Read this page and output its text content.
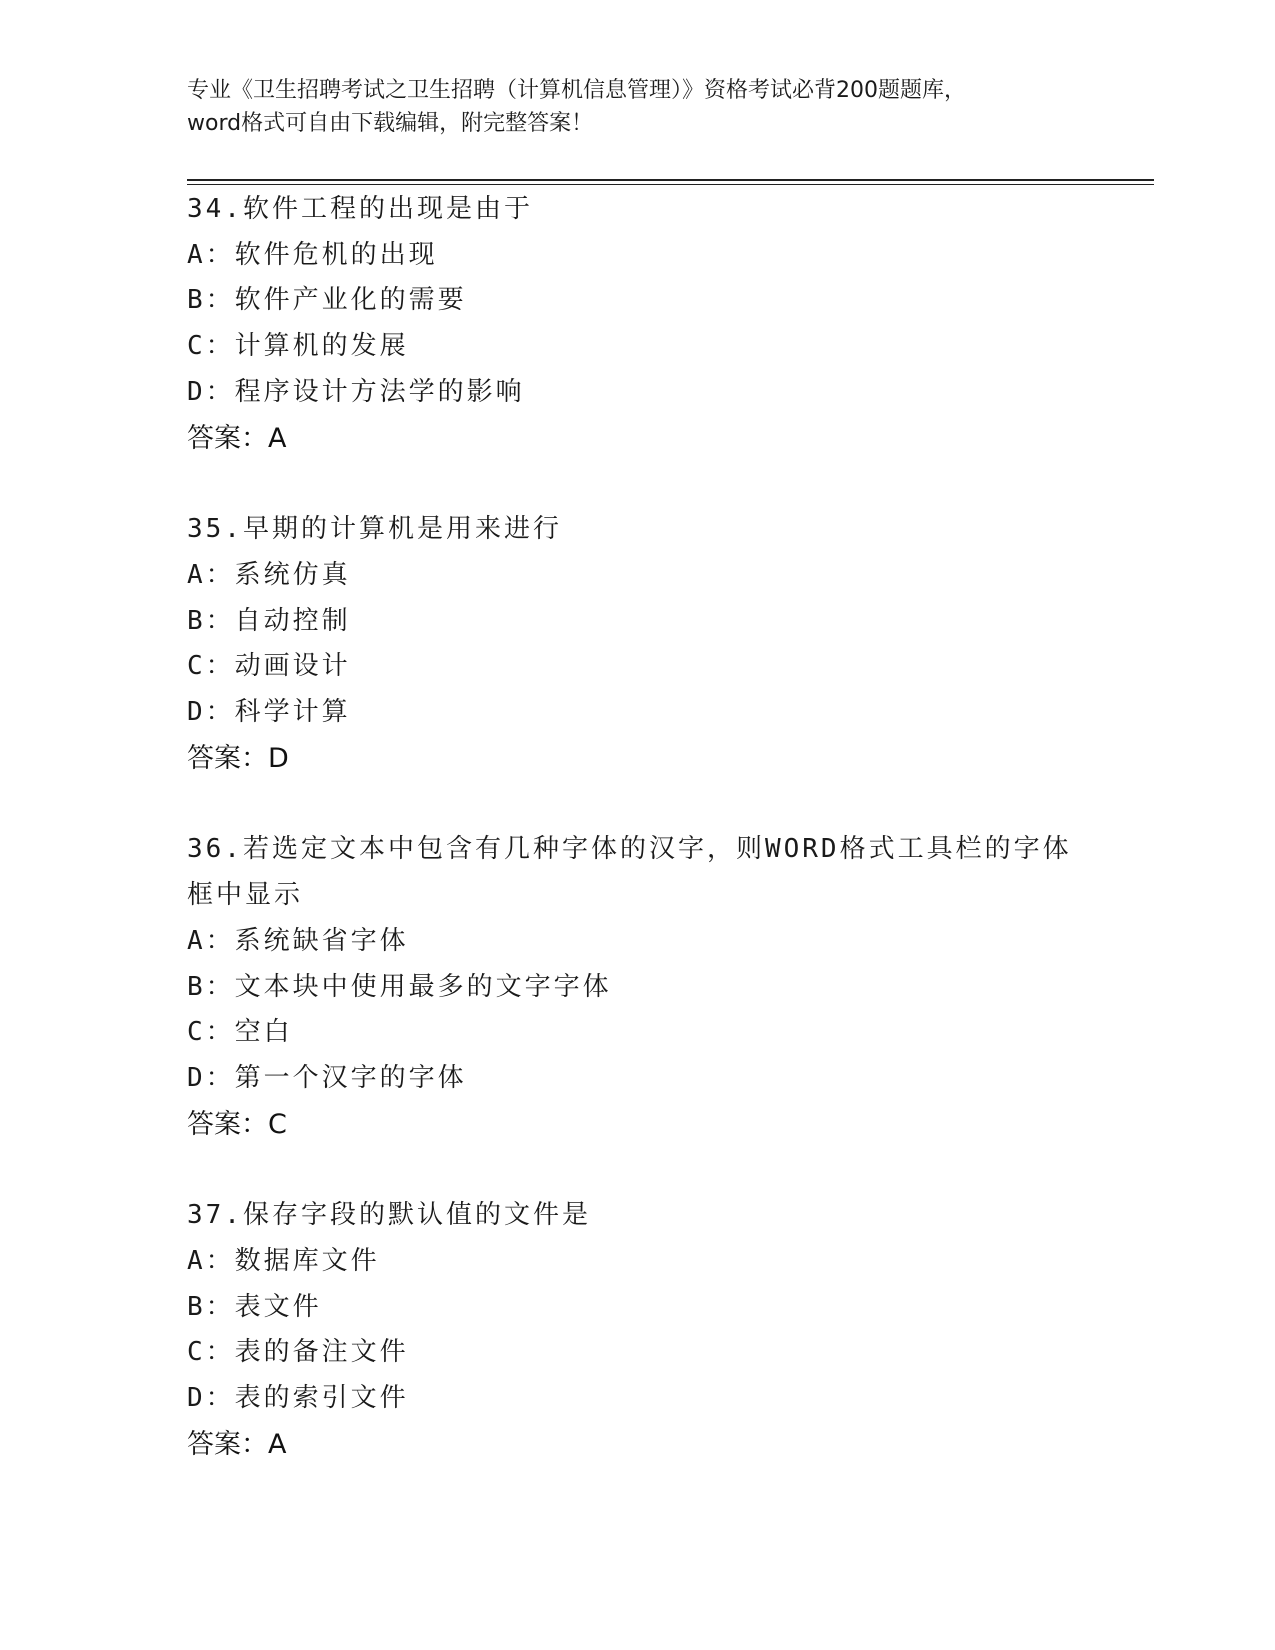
专业《卫生招聘考试之卫生招聘（计算机信息管理）》资格考试必背200题题库，
word格式可自由下载编辑，附完整答案！

34.软件工程的出现是由于

A：软件危机的出现

B：软件产业化的需要

C：计算机的发展

D：程序设计方法学的影响

答案：A

35.早期的计算机是用来进行

A：系统仿真

B：自动控制

C：动画设计

D：科学计算

答案：D

36.若选定文本中包含有几种字体的汉字，则WORD格式工具栏的字体

框中显示

A：系统缺省字体

B：文本块中使用最多的文字字体

C：空白

D：第一个汉字的字体

答案：C

37.保存字段的默认值的文件是

A：数据库文件

B：表文件

C：表的备注文件

D：表的索引文件

答案：A
